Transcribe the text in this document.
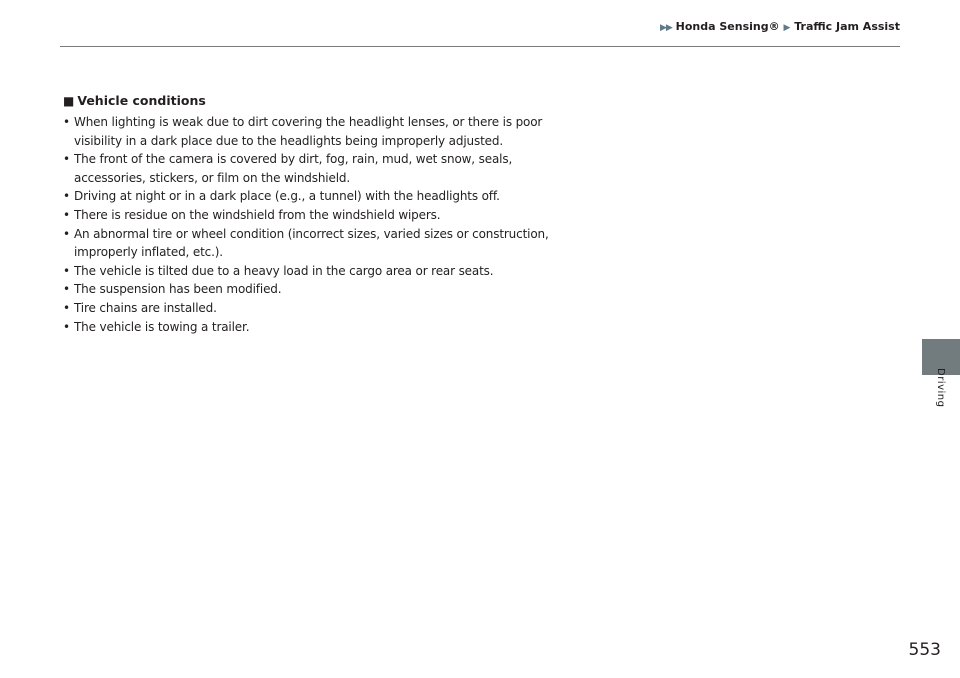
▶▶ Honda Sensing® ▶ Traffic Jam Assist
■ Vehicle conditions
• When lighting is weak due to dirt covering the headlight lenses, or there is poor
visibility in a dark place due to the headlights being improperly adjusted.
• The front of the camera is covered by dirt, fog, rain, mud, wet snow, seals,
accessories, stickers, or film on the windshield.
• Driving at night or in a dark place (e.g., a tunnel) with the headlights off.
• There is residue on the windshield from the windshield wipers.
• An abnormal tire or wheel condition (incorrect sizes, varied sizes or construction,
improperly inflated, etc.).
• The vehicle is tilted due to a heavy load in the cargo area or rear seats.
• The suspension has been modified.
• Tire chains are installed.
• The vehicle is towing a trailer.
Driving
553
